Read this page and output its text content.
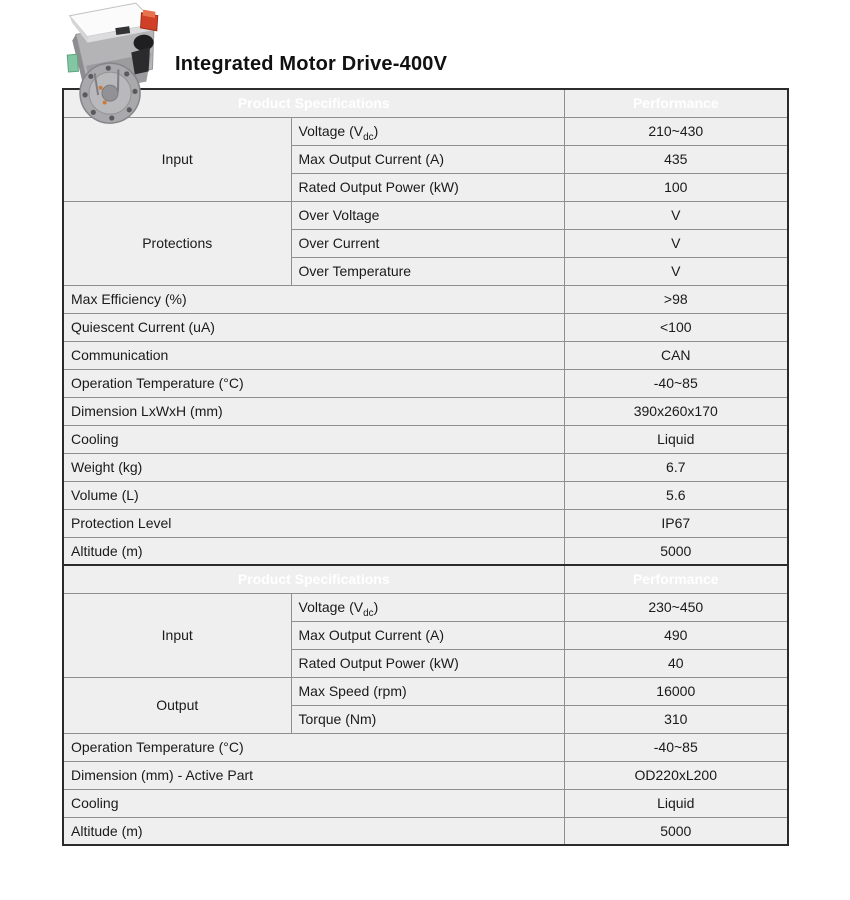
Integrated Motor Drive-400V
Product Specifications		Performance
Input	Voltage $(V_{dc})$	210~430
	Max Output Current (A)	435
	Rated Output Power (kW)	100
Protections	Over Voltage	V
	Over Current	V
	Over Temperature	V
Max Efficiency (%)		>98
Quiescent Current (uA)		<100
Communication		CAN
Operation Temperature (°C)		-40~85
Dimension LxWxH (mm)		390x260x170
Cooling		Liquid
Weight (kg)		6.7
Volume (L)		5.6
Protection Level		IP67
Altitude (m)		5000
Product Specifications		Performance
Input	Voltage $(V_{dc})$	230~450
	Max Output Current (A)	490
	Rated Output Power (kW)	40
Output	Max Speed (rpm)	16000
	Torque (Nm)	310
Operation Temperature (°C)		-40~85
Dimension (mm) - Active Part		OD220xL200
Cooling		Liquid
Altitude (m)		5000
